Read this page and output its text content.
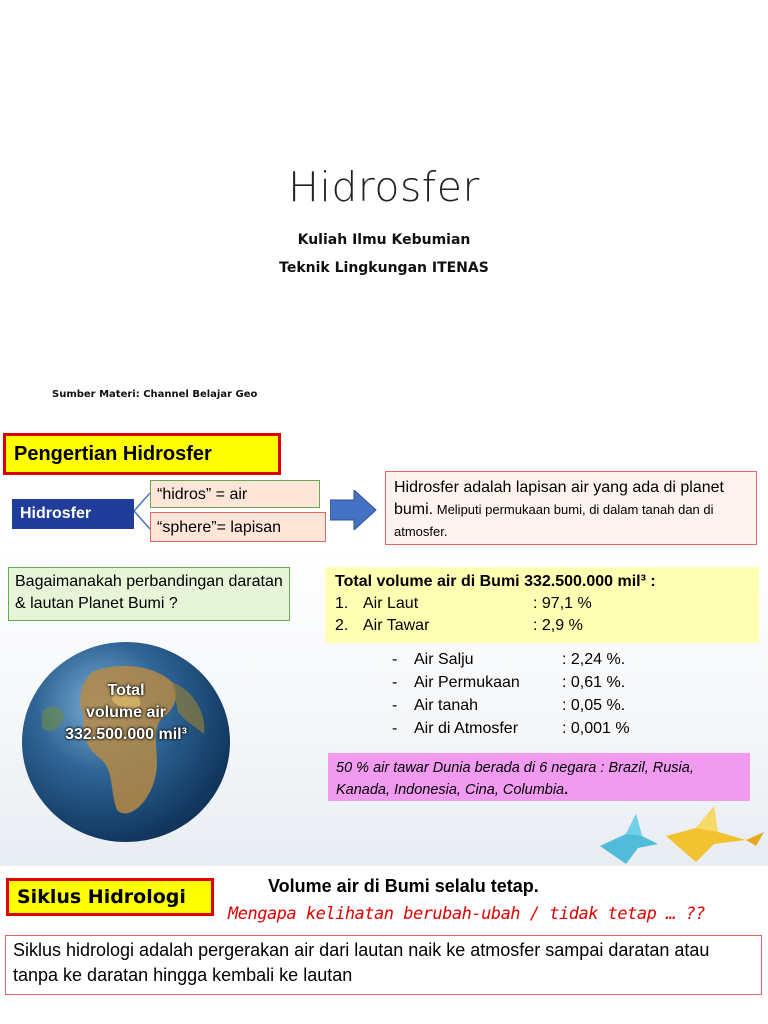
Hidrosfer
Kuliah Ilmu Kebumian
Teknik Lingkungan ITENAS
Sumber Materi: Channel Belajar Geo
Pengertian Hidrosfer
Hidrosfer
“hidros” = air
“sphere”= lapisan
Hidrosfer adalah lapisan air yang ada di planet bumi. Meliputi permukaan bumi, di dalam tanah dan di atmosfer.
Bagaimanakah perbandingan daratan & lautan Planet Bumi ?
Total volume air di Bumi 332.500.000 mil³ :
1. Air Laut	: 97,1 %
2. Air Tawar	: 2,9 %
-	Air Salju	: 2,24 %.
-	Air Permukaan	: 0,61 %.
-	Air tanah	: 0,05 %.
-	Air di Atmosfer	: 0,001 %
50 % air tawar Dunia berada di 6 negara : Brazil, Rusia, Kanada, Indonesia, Cina, Columbia.
Total
volume air
332.500.000 mil³
Siklus Hidrologi	Volume air di Bumi selalu tetap.
Mengapa kelihatan berubah-ubah / tidak tetap … ??
Siklus hidrologi adalah pergerakan air dari lautan naik ke atmosfer sampai daratan atau tanpa ke daratan hingga kembali ke lautan
